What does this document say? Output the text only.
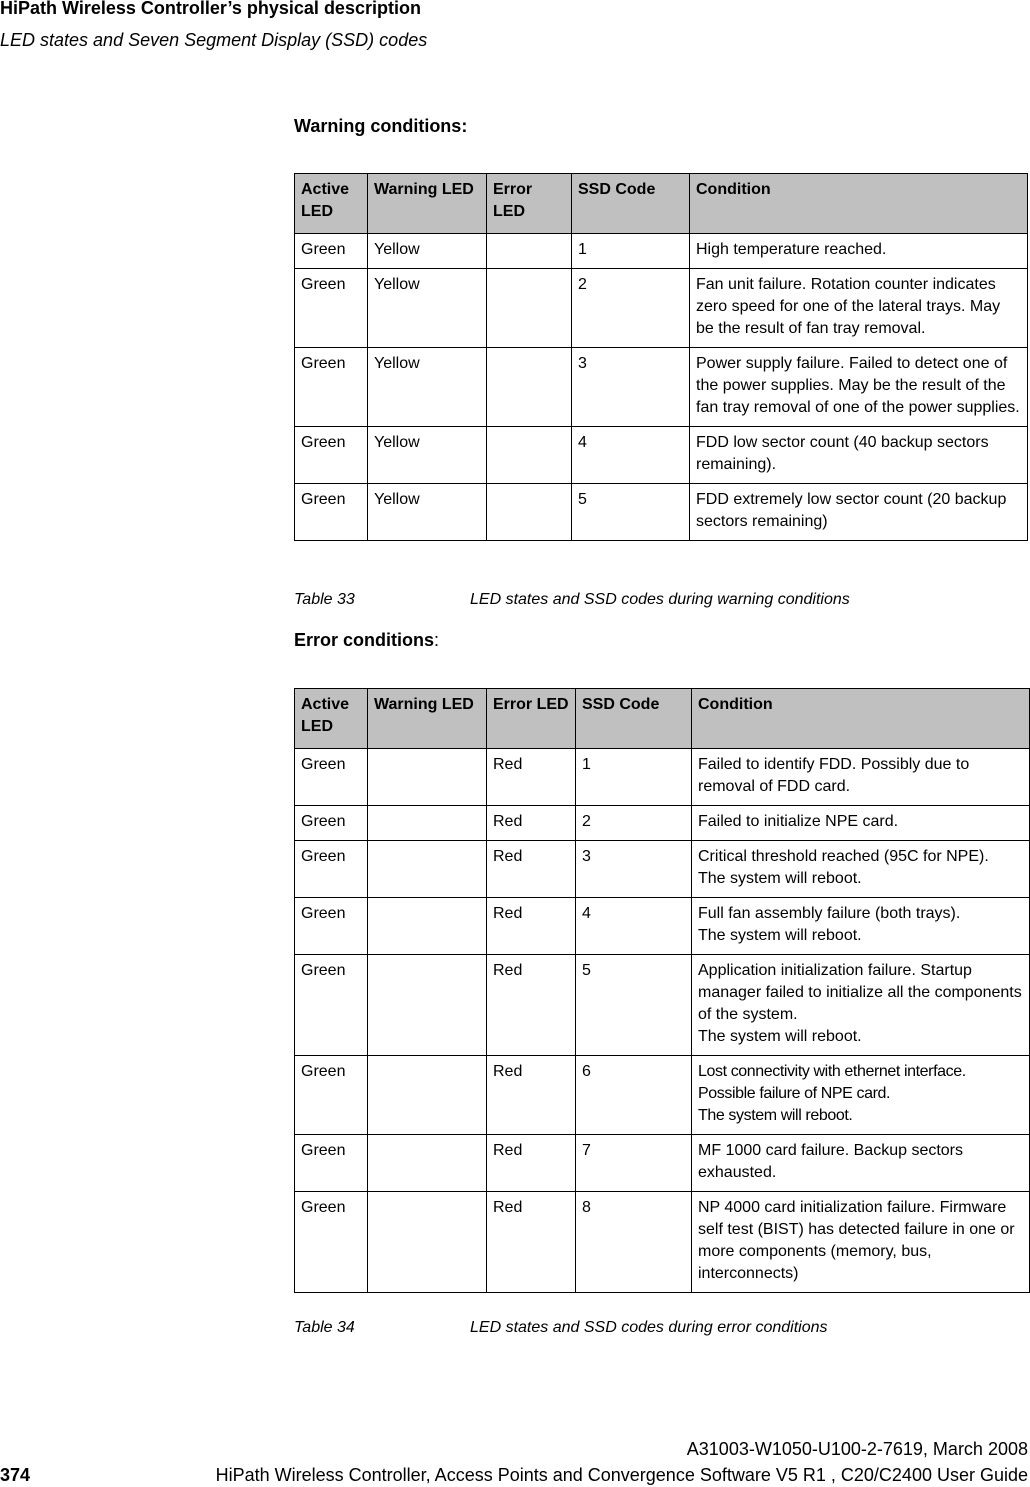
HiPath Wireless Controller’s physical description
LED states and Seven Segment Display (SSD) codes
Warning conditions:
Active LED	Warning LED	Error LED	SSD Code	Condition
Green	Yellow		1	High temperature reached.
Green	Yellow		2	Fan unit failure. Rotation counter indicates zero speed for one of the lateral trays. May be the result of fan tray removal.
Green	Yellow		3	Power supply failure. Failed to detect one of the power supplies. May be the result of the fan tray removal of one of the power supplies.
Green	Yellow		4	FDD low sector count (40 backup sectors remaining).
Green	Yellow		5	FDD extremely low sector count (20 backup sectors remaining)
Table 33	LED states and SSD codes during warning conditions
Error conditions:
Active LED	Warning LED	Error LED	SSD Code	Condition
Green		Red	1	Failed to identify FDD. Possibly due to removal of FDD card.
Green		Red	2	Failed to initialize NPE card.
Green		Red	3	Critical threshold reached (95C for NPE).
The system will reboot.
Green		Red	4	Full fan assembly failure (both trays).
The system will reboot.
Green		Red	5	Application initialization failure. Startup manager failed to initialize all the components of the system.
The system will reboot.
Green		Red	6	Lost connectivity with ethernet interface.
Possible failure of NPE card.
The system will reboot.
Green		Red	7	MF 1000 card failure. Backup sectors exhausted.
Green		Red	8	NP 4000 card initialization failure. Firmware self test (BIST) has detected failure in one or more components (memory, bus, interconnects)
Table 34	LED states and SSD codes during error conditions
A31003-W1050-U100-2-7619, March 2008
374	HiPath Wireless Controller, Access Points and Convergence Software V5 R1 , C20/C2400 User Guide
